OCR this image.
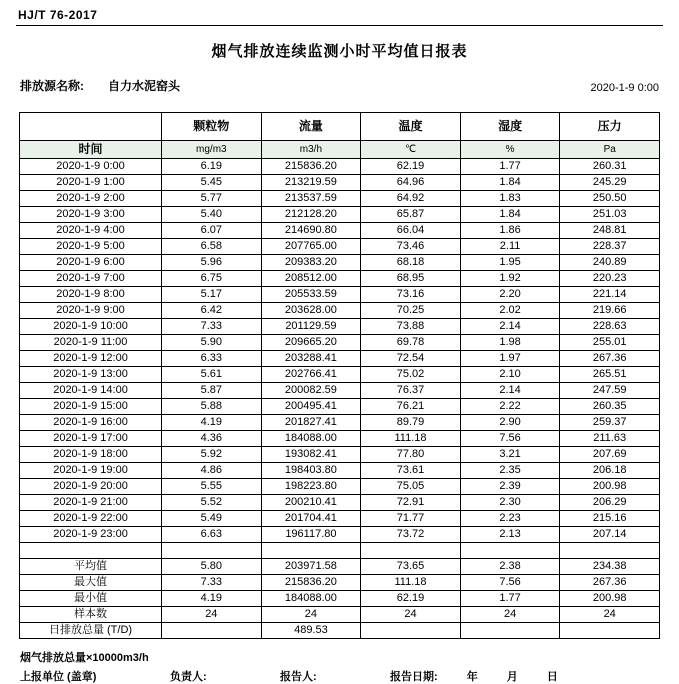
HJ/T 76-2017
烟气排放连续监测小时平均值日报表
排放源名称: 自力水泥窑头	2020-1-9 0:00
	颗粒物	流量	温度	湿度	压力
时间	mg/m3	m3/h	℃	%	Pa
2020-1-9 0:00	6.19	215836.20	62.19	1.77	260.31
2020-1-9 1:00	5.45	213219.59	64.96	1.84	245.29
2020-1-9 2:00	5.77	213537.59	64.92	1.83	250.50
2020-1-9 3:00	5.40	212128.20	65.87	1.84	251.03
2020-1-9 4:00	6.07	214690.80	66.04	1.86	248.81
2020-1-9 5:00	6.58	207765.00	73.46	2.11	228.37
2020-1-9 6:00	5.96	209383.20	68.18	1.95	240.89
2020-1-9 7:00	6.75	208512.00	68.95	1.92	220.23
2020-1-9 8:00	5.17	205533.59	73.16	2.20	221.14
2020-1-9 9:00	6.42	203628.00	70.25	2.02	219.66
2020-1-9 10:00	7.33	201129.59	73.88	2.14	228.63
2020-1-9 11:00	5.90	209665.20	69.78	1.98	255.01
2020-1-9 12:00	6.33	203288.41	72.54	1.97	267.36
2020-1-9 13:00	5.61	202766.41	75.02	2.10	265.51
2020-1-9 14:00	5.87	200082.59	76.37	2.14	247.59
2020-1-9 15:00	5.88	200495.41	76.21	2.22	260.35
2020-1-9 16:00	4.19	201827.41	89.79	2.90	259.37
2020-1-9 17:00	4.36	184088.00	111.18	7.56	211.63
2020-1-9 18:00	5.92	193082.41	77.80	3.21	207.69
2020-1-9 19:00	4.86	198403.80	73.61	2.35	206.18
2020-1-9 20:00	5.55	198223.80	75.05	2.39	200.98
2020-1-9 21:00	5.52	200210.41	72.91	2.30	206.29
2020-1-9 22:00	5.49	201704.41	71.77	2.23	215.16
2020-1-9 23:00	6.63	196117.80	73.72	2.13	207.14

平均值	5.80	203971.58	73.65	2.38	234.38
最大值	7.33	215836.20	111.18	7.56	267.36
最小值	4.19	184088.00	62.19	1.77	200.98
样本数	24	24	24	24	24
日排放总量 (T/D)		489.53			
烟气排放总量×10000m3/h
上报单位 (盖章)	负责人:	报告人:	报告日期:	年	月	日
